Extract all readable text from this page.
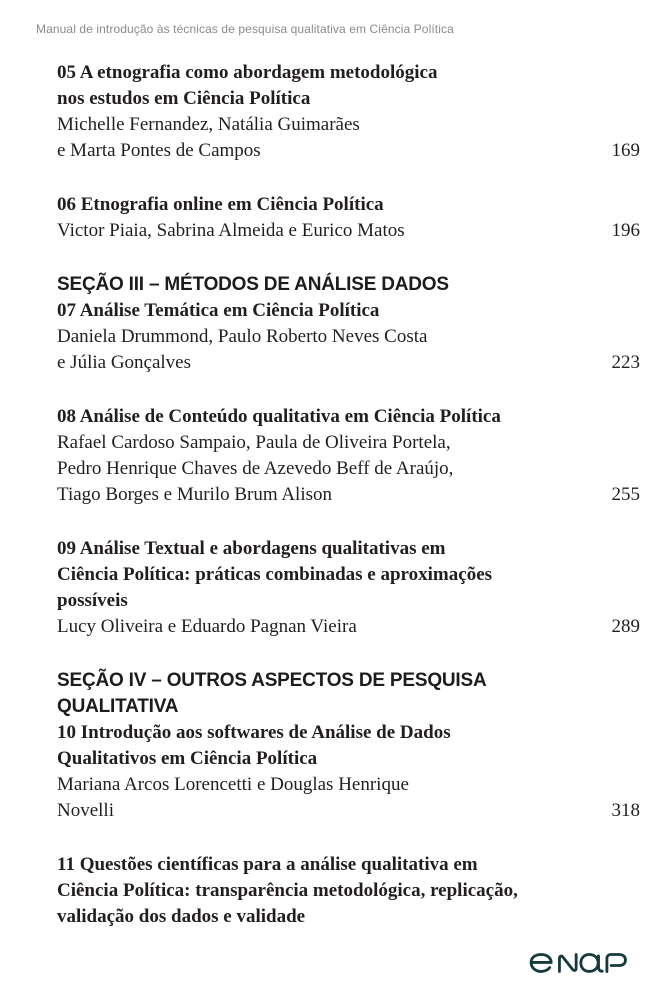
Manual de introdução às técnicas de pesquisa qualitativa em Ciência Política
05 A etnografia como abordagem metodológica
nos estudos em Ciência Política
Michelle Fernandez, Natália Guimarães
e Marta Pontes de Campos	169
06 Etnografia online em Ciência Política
Victor Piaia, Sabrina Almeida e Eurico Matos	196
SEÇÃO III – MÉTODOS DE ANÁLISE DADOS
07 Análise Temática em Ciência Política
Daniela Drummond, Paulo Roberto Neves Costa
e Júlia Gonçalves	223
08 Análise de Conteúdo qualitativa em Ciência Política
Rafael Cardoso Sampaio, Paula de Oliveira Portela,
Pedro Henrique Chaves de Azevedo Beff de Araújo,
Tiago Borges e Murilo Brum Alison	255
09 Análise Textual e abordagens qualitativas em
Ciência Política: práticas combinadas e aproximações
possíveis
Lucy Oliveira e Eduardo Pagnan Vieira	289
SEÇÃO IV – OUTROS ASPECTOS DE PESQUISA
QUALITATIVA
10 Introdução aos softwares de Análise de Dados
Qualitativos em Ciência Política
Mariana Arcos Lorencetti e Douglas Henrique
Novelli	318
11 Questões científicas para a análise qualitativa em
Ciência Política: transparência metodológica, replicação,
validação dos dados e validade
